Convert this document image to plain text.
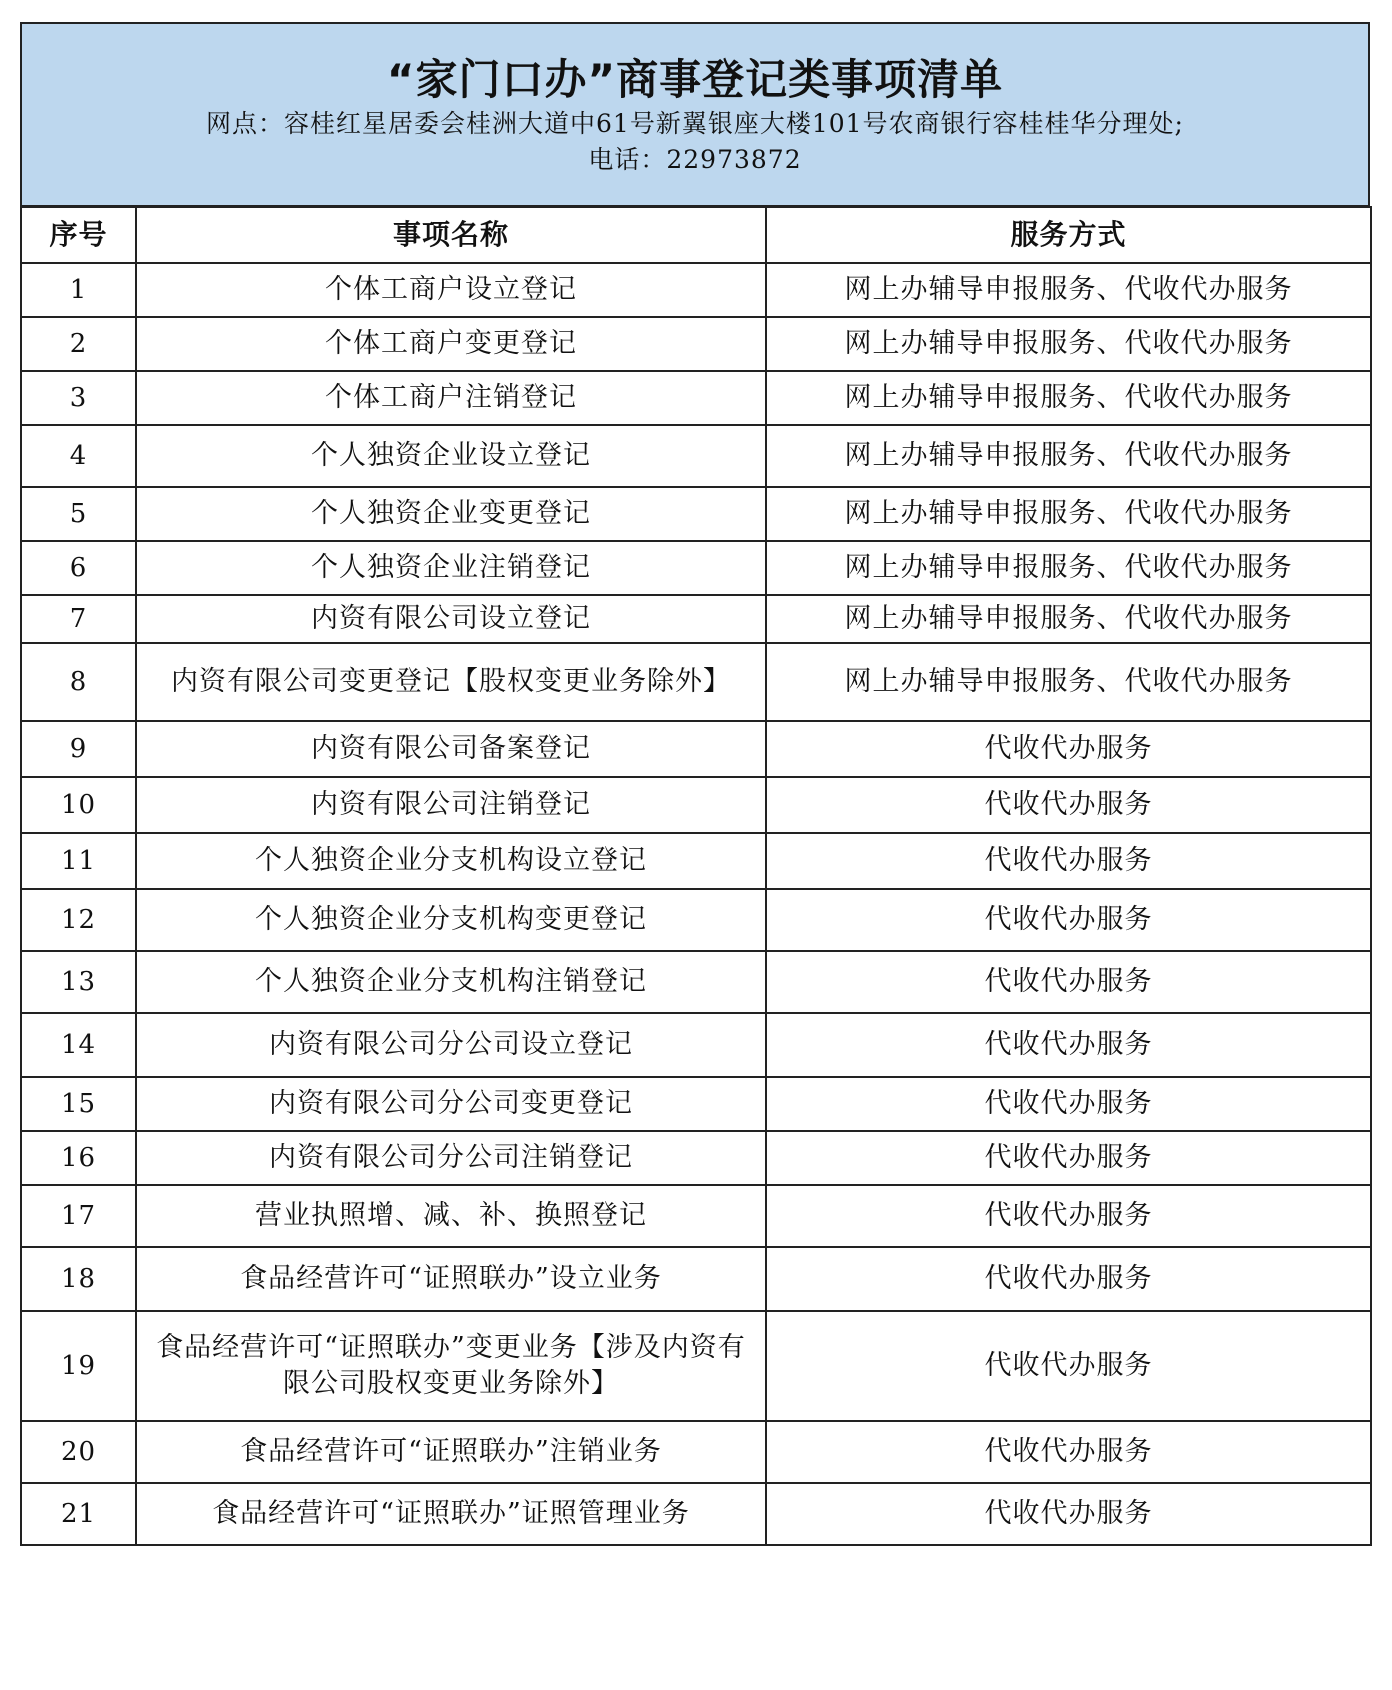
“家门口办”商事登记类事项清单
网点：容桂红星居委会桂洲大道中61号新翼银座大楼101号农商银行容桂桂华分理处;
电话：22973872
序号	事项名称	服务方式
1	个体工商户设立登记	网上办辅导申报服务、代收代办服务
2	个体工商户变更登记	网上办辅导申报服务、代收代办服务
3	个体工商户注销登记	网上办辅导申报服务、代收代办服务
4	个人独资企业设立登记	网上办辅导申报服务、代收代办服务
5	个人独资企业变更登记	网上办辅导申报服务、代收代办服务
6	个人独资企业注销登记	网上办辅导申报服务、代收代办服务
7	内资有限公司设立登记	网上办辅导申报服务、代收代办服务
8	内资有限公司变更登记【股权变更业务除外】	网上办辅导申报服务、代收代办服务
9	内资有限公司备案登记	代收代办服务
10	内资有限公司注销登记	代收代办服务
11	个人独资企业分支机构设立登记	代收代办服务
12	个人独资企业分支机构变更登记	代收代办服务
13	个人独资企业分支机构注销登记	代收代办服务
14	内资有限公司分公司设立登记	代收代办服务
15	内资有限公司分公司变更登记	代收代办服务
16	内资有限公司分公司注销登记	代收代办服务
17	营业执照增、减、补、换照登记	代收代办服务
18	食品经营许可“证照联办”设立业务	代收代办服务
19	食品经营许可“证照联办”变更业务【涉及内资有限公司股权变更业务除外】	代收代办服务
20	食品经营许可“证照联办”注销业务	代收代办服务
21	食品经营许可“证照联办”证照管理业务	代收代办服务
